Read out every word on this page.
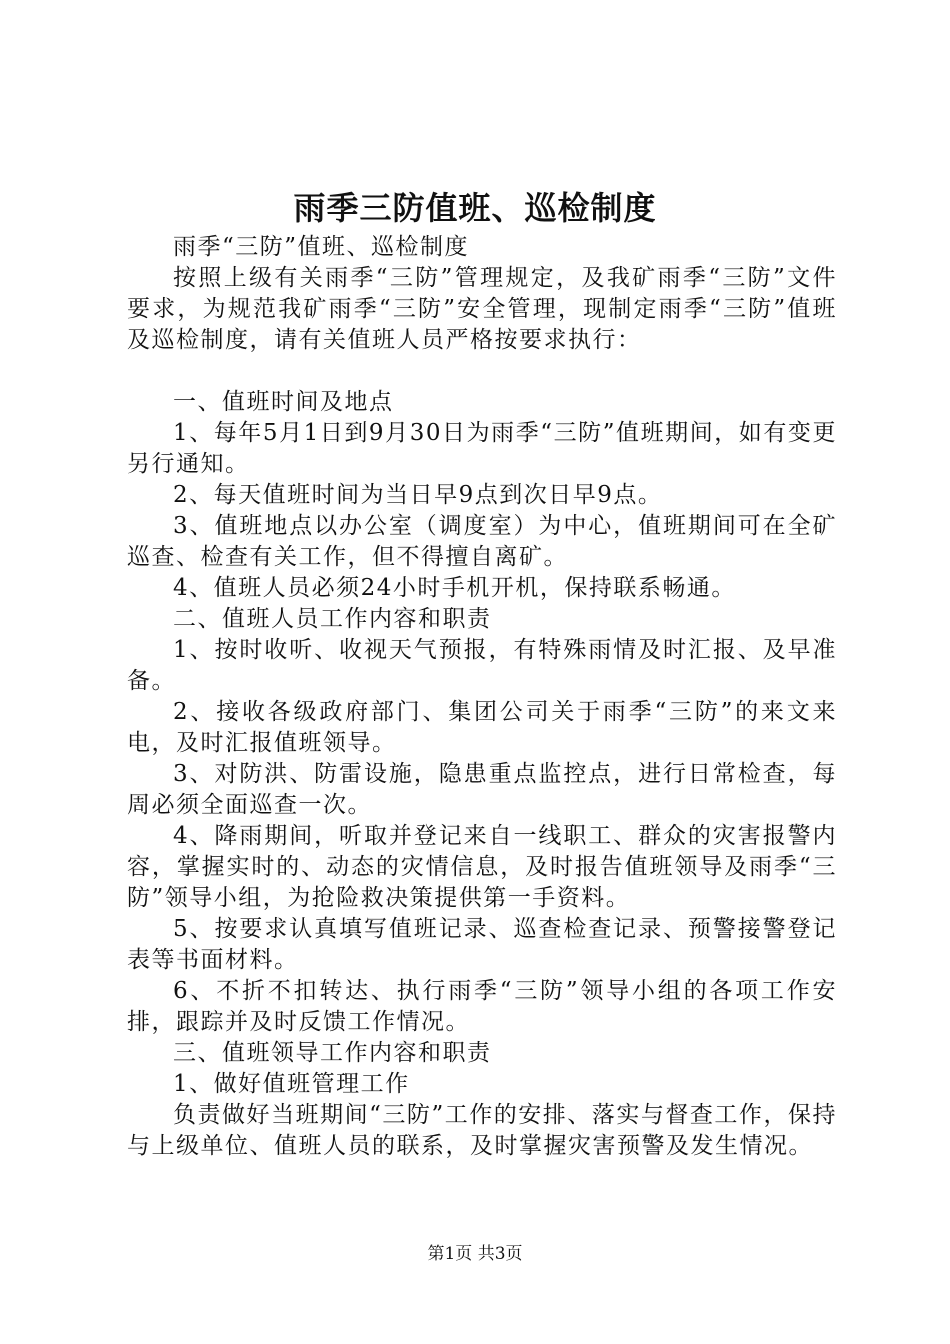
雨季三防值班、巡检制度

雨季“三防”值班、巡检制度

按照上级有关雨季“三防”管理规定，及我矿雨季“三防”文件要求，为规范我矿雨季“三防”安全管理，现制定雨季“三防”值班及巡检制度，请有关值班人员严格按要求执行：

一、值班时间及地点

1、每年5月1日到9月30日为雨季“三防”值班期间，如有变更另行通知。

2、每天值班时间为当日早9点到次日早9点。

3、值班地点以办公室（调度室）为中心，值班期间可在全矿巡查、检查有关工作，但不得擅自离矿。

4、值班人员必须24小时手机开机，保持联系畅通。

二、值班人员工作内容和职责

1、按时收听、收视天气预报，有特殊雨情及时汇报、及早准备。

2、接收各级政府部门、集团公司关于雨季“三防”的来文来电，及时汇报值班领导。

3、对防洪、防雷设施，隐患重点监控点，进行日常检查，每周必须全面巡查一次。

4、降雨期间，听取并登记来自一线职工、群众的灾害报警内容，掌握实时的、动态的灾情信息，及时报告值班领导及雨季“三防”领导小组，为抢险救决策提供第一手资料。

5、按要求认真填写值班记录、巡查检查记录、预警接警登记表等书面材料。

6、不折不扣转达、执行雨季“三防”领导小组的各项工作安排，跟踪并及时反馈工作情况。

三、值班领导工作内容和职责

1、做好值班管理工作

负责做好当班期间“三防”工作的安排、落实与督查工作，保持与上级单位、值班人员的联系，及时掌握灾害预警及发生情况。

第1页 共3页
